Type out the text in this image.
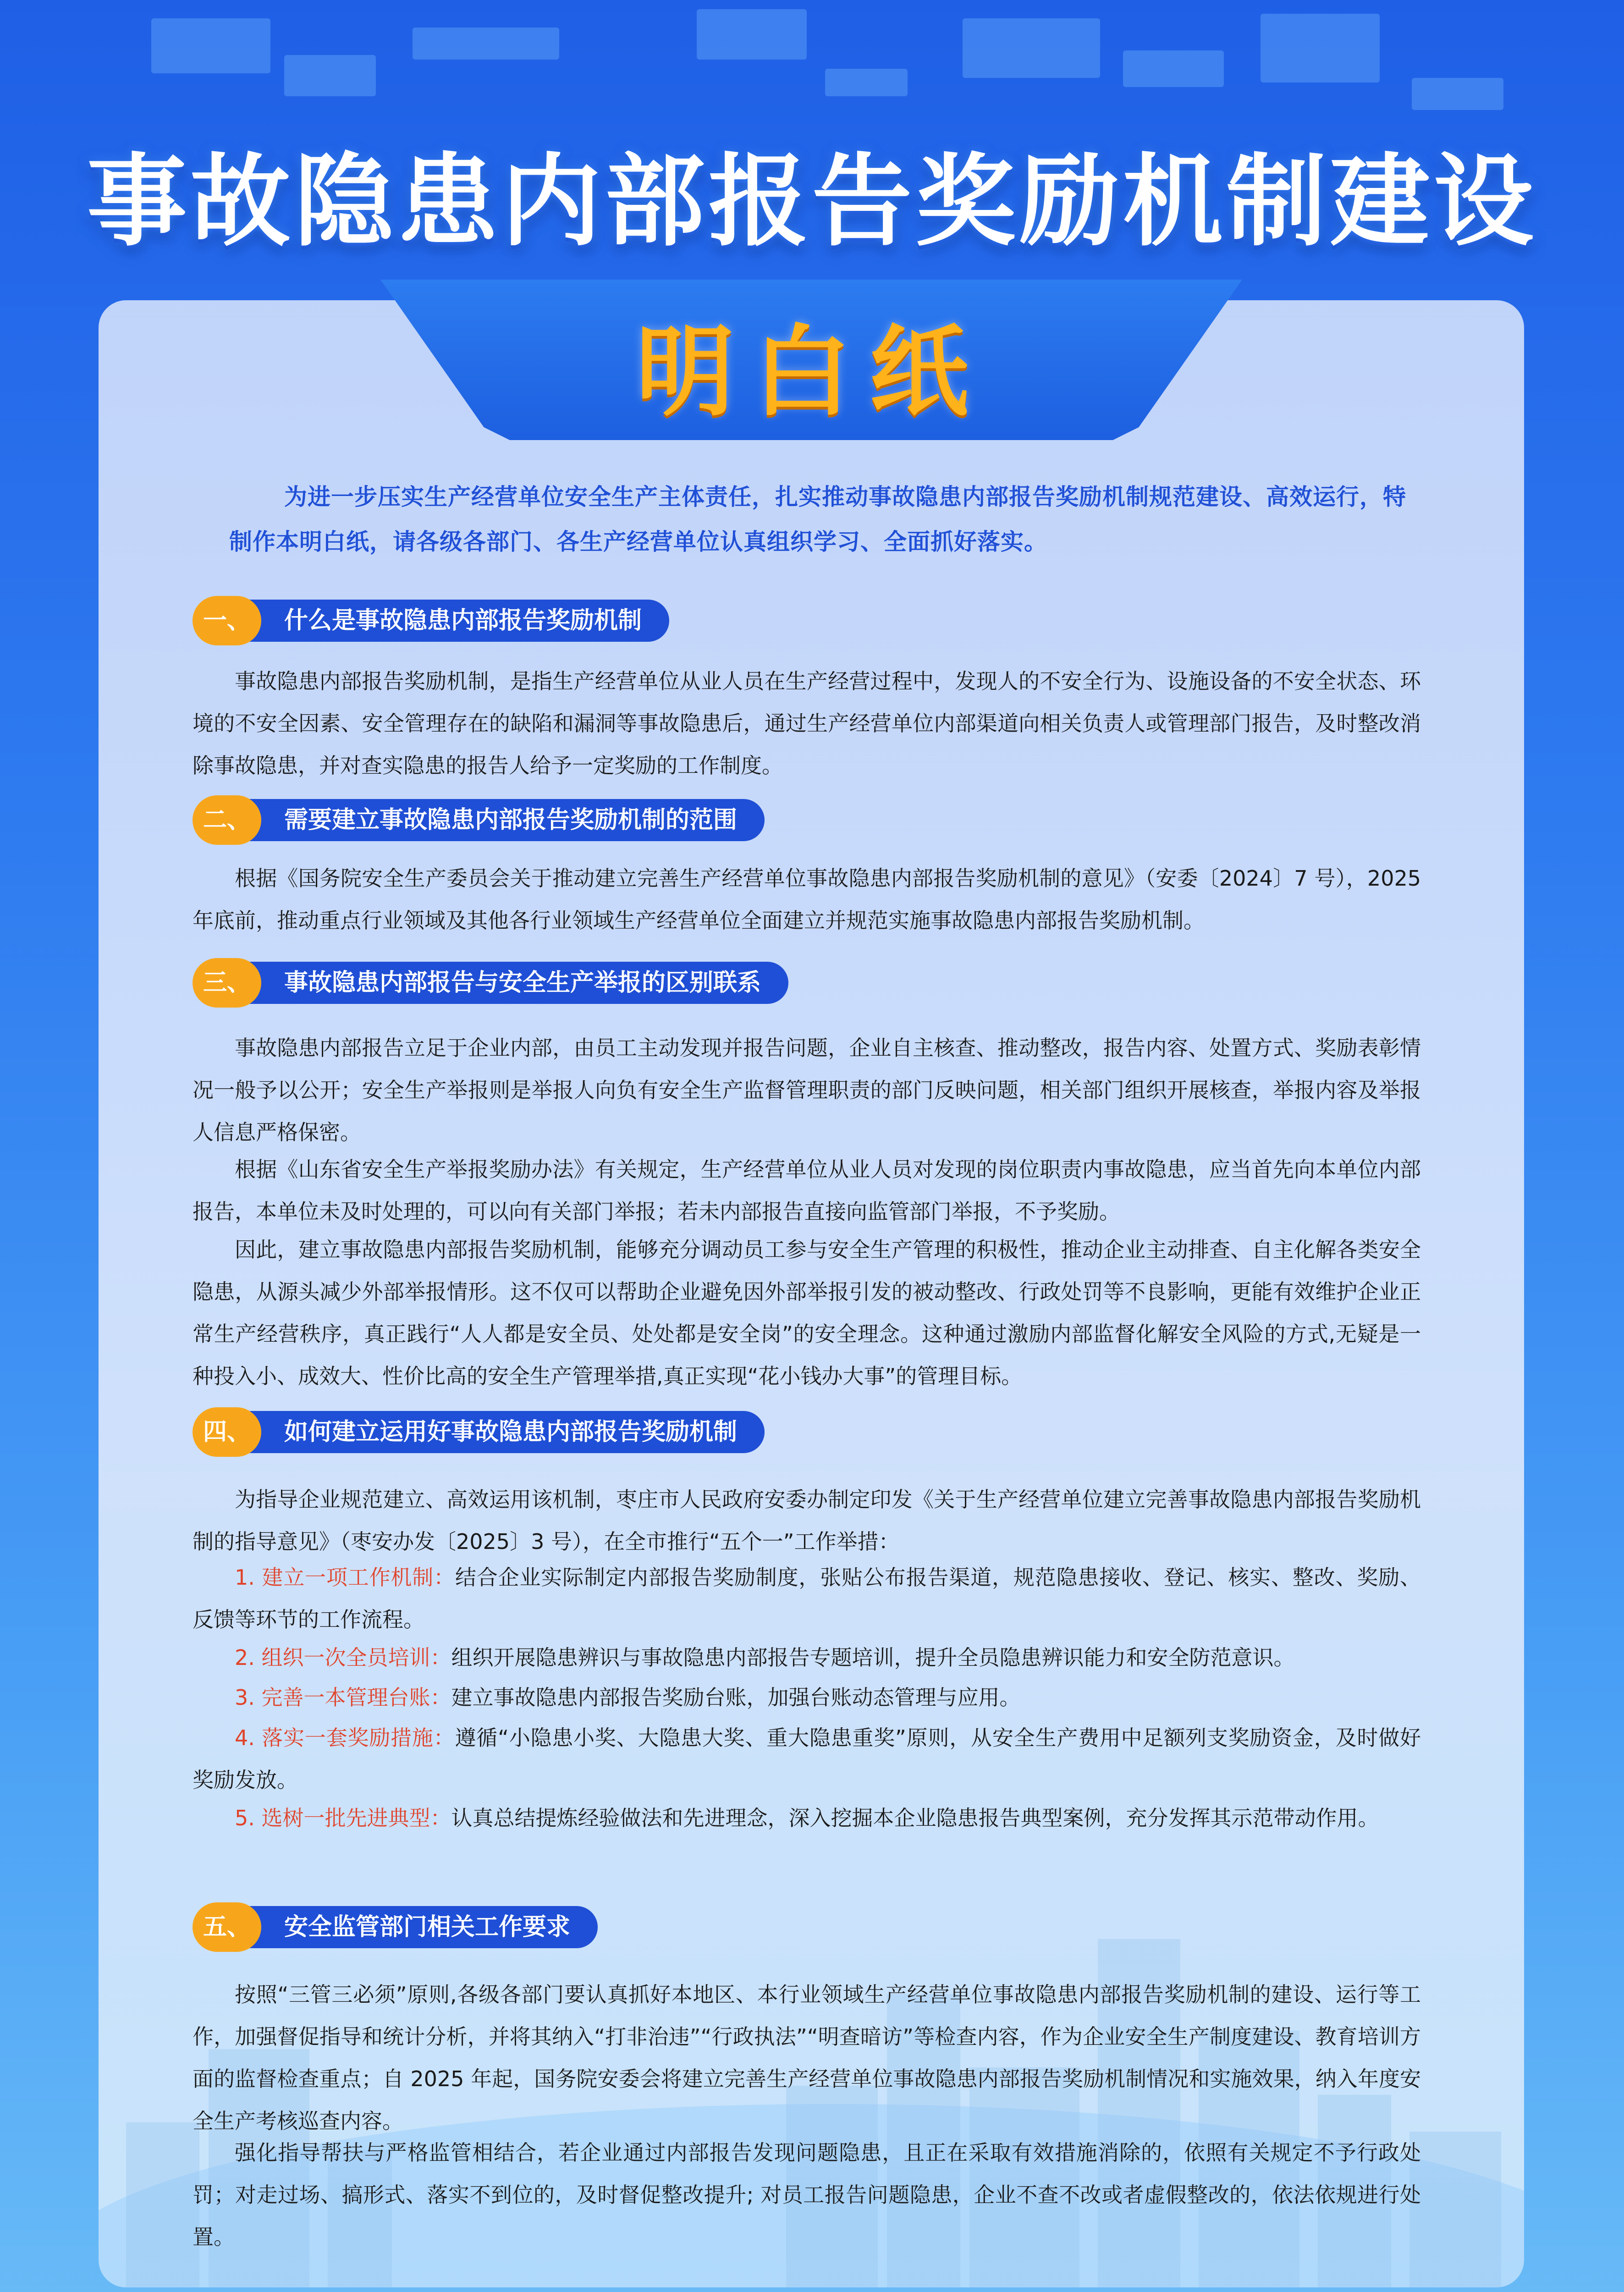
事故隐患内部报告奖励机制建设
明白纸
为进一步压实生产经营单位安全生产主体责任，扎实推动事故隐患内部报告奖励机制规范建设、高效运行，特制作本明白纸，请各级各部门、各生产经营单位认真组织学习、全面抓好落实。
一、	什么是事故隐患内部报告奖励机制
事故隐患内部报告奖励机制，是指生产经营单位从业人员在生产经营过程中，发现人的不安全行为、设施设备的不安全状态、环境的不安全因素、安全管理存在的缺陷和漏洞等事故隐患后，通过生产经营单位内部渠道向相关负责人或管理部门报告，及时整改消除事故隐患，并对查实隐患的报告人给予一定奖励的工作制度。
二、	需要建立事故隐患内部报告奖励机制的范围
根据《国务院安全生产委员会关于推动建立完善生产经营单位事故隐患内部报告奖励机制的意见》（安委〔2024〕7 号），2025 年底前，推动重点行业领域及其他各行业领域生产经营单位全面建立并规范实施事故隐患内部报告奖励机制。
三、	事故隐患内部报告与安全生产举报的区别联系
事故隐患内部报告立足于企业内部，由员工主动发现并报告问题，企业自主核查、推动整改，报告内容、处置方式、奖励表彰情况一般予以公开；安全生产举报则是举报人向负有安全生产监督管理职责的部门反映问题，相关部门组织开展核查，举报内容及举报人信息严格保密。
根据《山东省安全生产举报奖励办法》有关规定，生产经营单位从业人员对发现的岗位职责内事故隐患，应当首先向本单位内部报告，本单位未及时处理的，可以向有关部门举报；若未内部报告直接向监管部门举报，不予奖励。
因此，建立事故隐患内部报告奖励机制，能够充分调动员工参与安全生产管理的积极性，推动企业主动排查、自主化解各类安全隐患，从源头减少外部举报情形。这不仅可以帮助企业避免因外部举报引发的被动整改、行政处罚等不良影响，更能有效维护企业正常生产经营秩序，真正践行“人人都是安全员、处处都是安全岗”的安全理念。这种通过激励内部监督化解安全风险的方式,无疑是一种投入小、成效大、性价比高的安全生产管理举措,真正实现“花小钱办大事”的管理目标。
四、	如何建立运用好事故隐患内部报告奖励机制
为指导企业规范建立、高效运用该机制，枣庄市人民政府安委办制定印发《关于生产经营单位建立完善事故隐患内部报告奖励机制的指导意见》（枣安办发〔2025〕3 号），在全市推行“五个一”工作举措：
1. 建立一项工作机制：结合企业实际制定内部报告奖励制度，张贴公布报告渠道，规范隐患接收、登记、核实、整改、奖励、反馈等环节的工作流程。
2. 组织一次全员培训：组织开展隐患辨识与事故隐患内部报告专题培训，提升全员隐患辨识能力和安全防范意识。
3. 完善一本管理台账：建立事故隐患内部报告奖励台账，加强台账动态管理与应用。
4. 落实一套奖励措施：遵循“小隐患小奖、大隐患大奖、重大隐患重奖”原则，从安全生产费用中足额列支奖励资金，及时做好奖励发放。
5. 选树一批先进典型：认真总结提炼经验做法和先进理念，深入挖掘本企业隐患报告典型案例，充分发挥其示范带动作用。
五、	安全监管部门相关工作要求
按照“三管三必须”原则,各级各部门要认真抓好本地区、本行业领域生产经营单位事故隐患内部报告奖励机制的建设、运行等工作，加强督促指导和统计分析，并将其纳入“打非治违”“行政执法”“明查暗访”等检查内容，作为企业安全生产制度建设、教育培训方面的监督检查重点；自 2025 年起，国务院安委会将建立完善生产经营单位事故隐患内部报告奖励机制情况和实施效果，纳入年度安全生产考核巡查内容。
强化指导帮扶与严格监管相结合，若企业通过内部报告发现问题隐患，且正在采取有效措施消除的，依照有关规定不予行政处罚；对走过场、搞形式、落实不到位的，及时督促整改提升; 对员工报告问题隐患，企业不查不改或者虚假整改的，依法依规进行处置。
